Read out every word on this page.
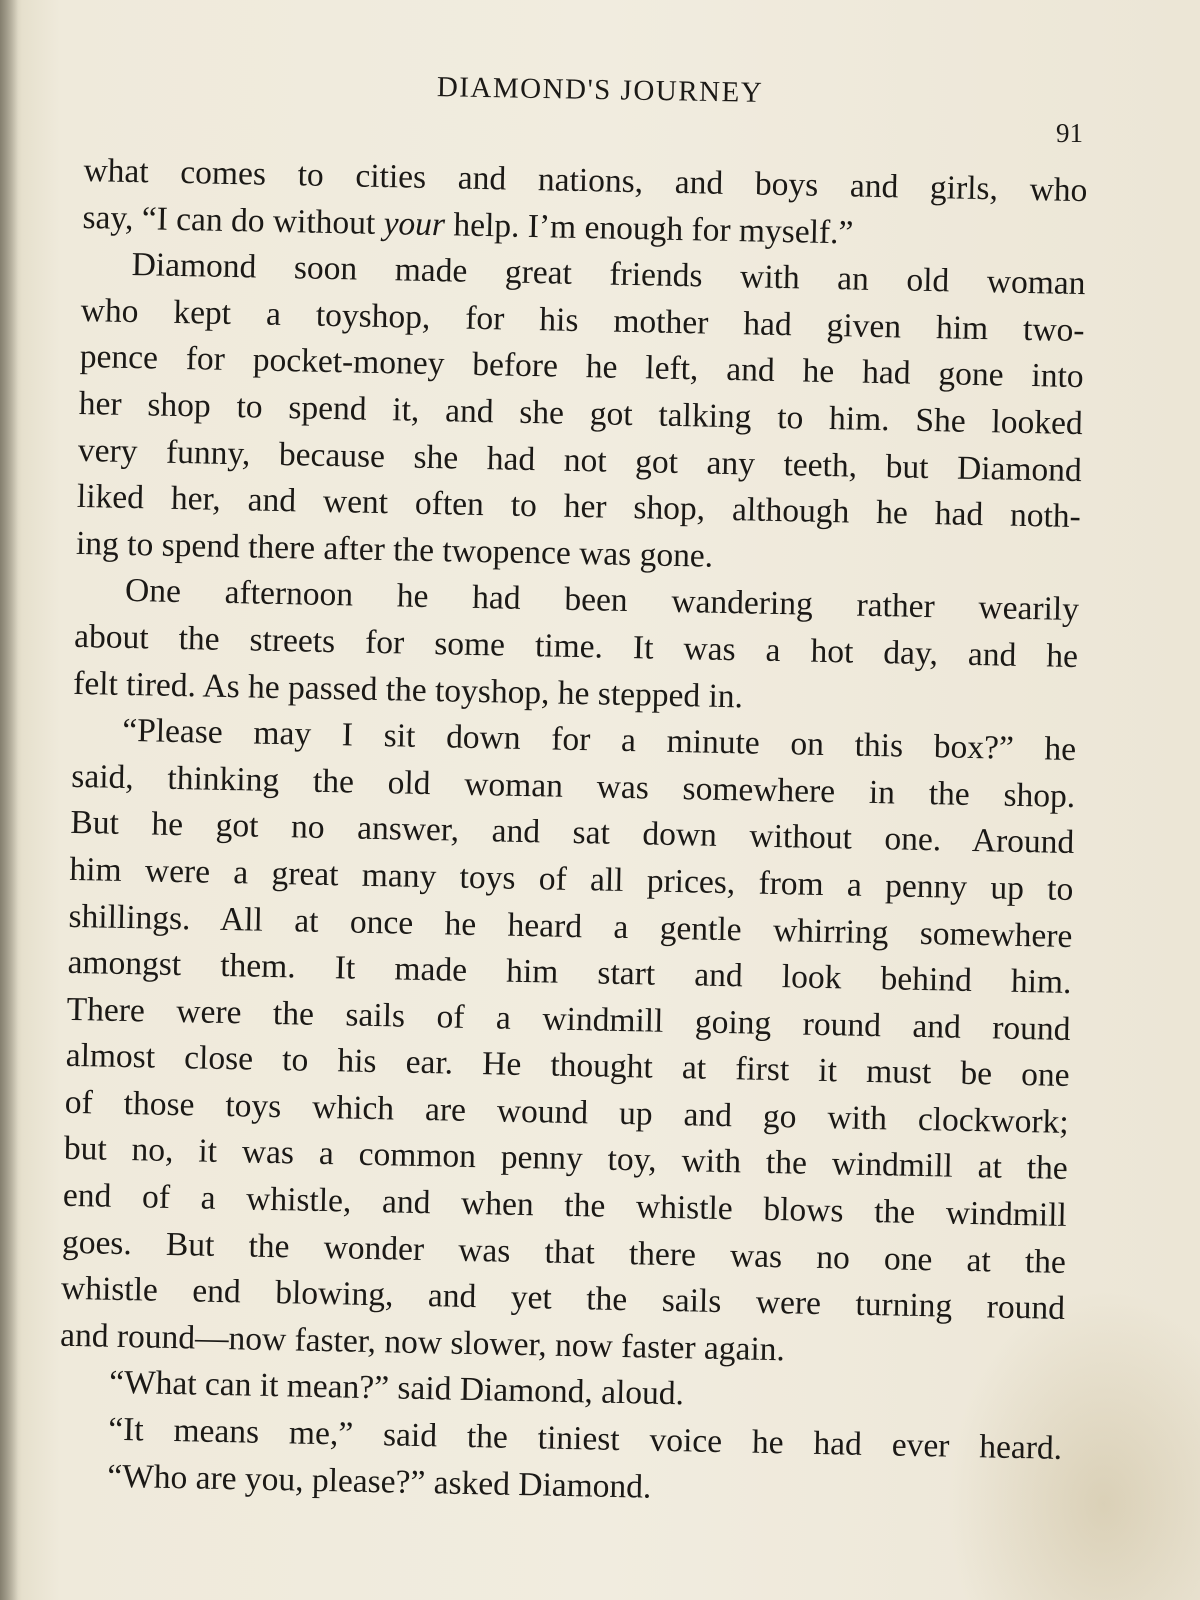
DIAMOND'S JOURNEY
91
what comes to cities and nations, and boys and girls, who
say, “I can do without your help. I’m enough for myself.”
Diamond soon made great friends with an old woman
who kept a toyshop, for his mother had given him two-
pence for pocket-money before he left, and he had gone into
her shop to spend it, and she got talking to him. She looked
very funny, because she had not got any teeth, but Diamond
liked her, and went often to her shop, although he had noth-
ing to spend there after the twopence was gone.
One afternoon he had been wandering rather wearily
about the streets for some time. It was a hot day, and he
felt tired. As he passed the toyshop, he stepped in.
“Please may I sit down for a minute on this box?” he
said, thinking the old woman was somewhere in the shop.
But he got no answer, and sat down without one. Around
him were a great many toys of all prices, from a penny up to
shillings. All at once he heard a gentle whirring somewhere
amongst them. It made him start and look behind him.
There were the sails of a windmill going round and round
almost close to his ear. He thought at first it must be one
of those toys which are wound up and go with clockwork;
but no, it was a common penny toy, with the windmill at the
end of a whistle, and when the whistle blows the windmill
goes. But the wonder was that there was no one at the
whistle end blowing, and yet the sails were turning round
and round—now faster, now slower, now faster again.
“What can it mean?” said Diamond, aloud.
“It means me,” said the tiniest voice he had ever heard.
“Who are you, please?” asked Diamond.
